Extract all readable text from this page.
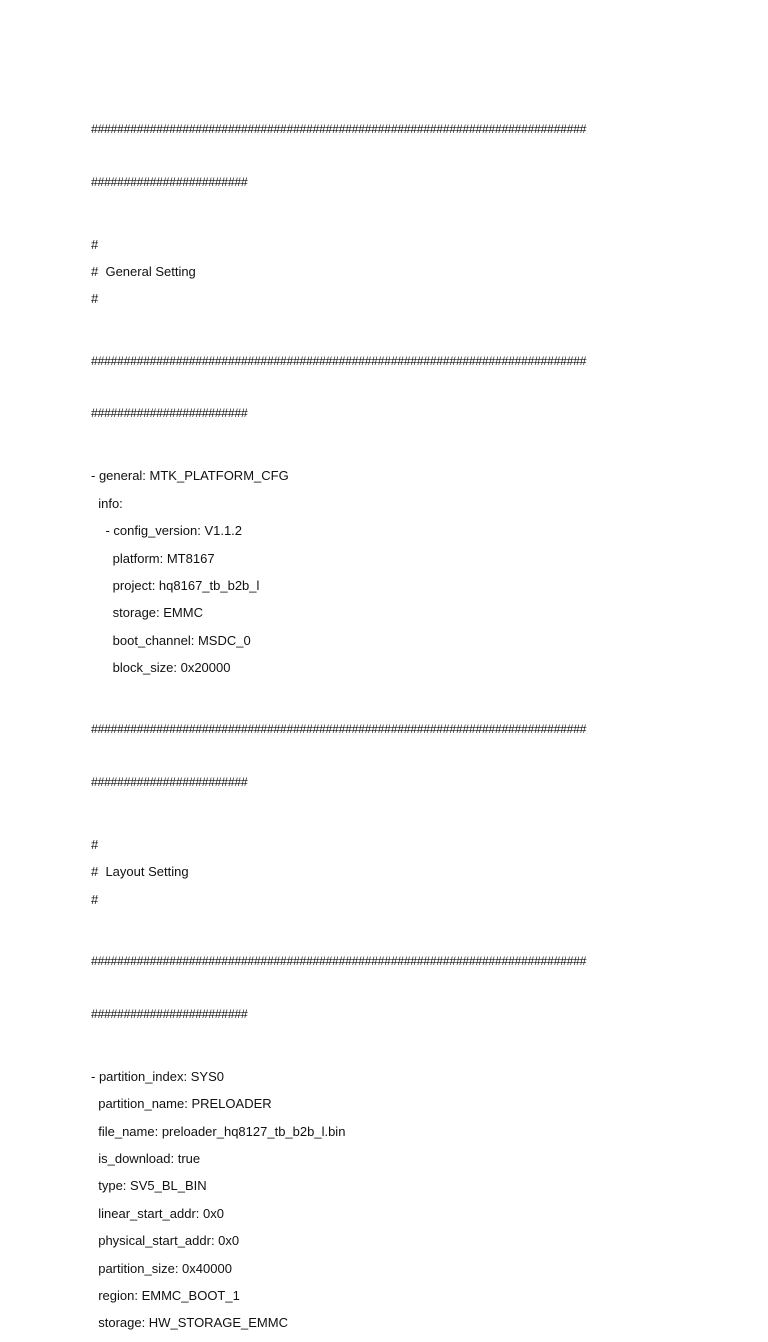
############################################################################

########################

#
#  General Setting
#

############################################################################

########################

- general: MTK_PLATFORM_CFG
info:
- config_version: V1.1.2
platform: MT8167
project: hq8167_tb_b2b_l
storage: EMMC
boot_channel: MSDC_0
block_size: 0x20000

############################################################################

########################

#
#  Layout Setting
#

############################################################################

########################

- partition_index: SYS0
partition_name: PRELOADER
file_name: preloader_hq8127_tb_b2b_l.bin
is_download: true
type: SV5_BL_BIN
linear_start_addr: 0x0
physical_start_addr: 0x0
partition_size: 0x40000
region: EMMC_BOOT_1
storage: HW_STORAGE_EMMC
